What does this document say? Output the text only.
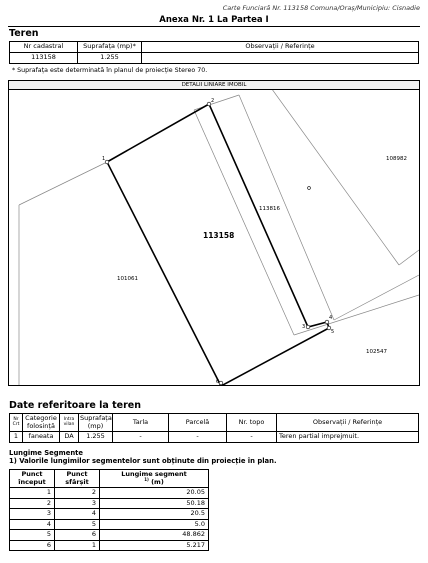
Carte Funciară Nr. 113158 Comuna/Oraș/Municipiu: Cisnadie
Anexa Nr. 1 La Partea I
Teren
Nr cadastral	Suprafața (mp)*	Observații / Referințe
113158	1.255	
* Suprafața este determinată în planul de proiecție Stereo 70.
DETALII LINIARE IMOBIL
1
2
3
4
5
6
113158
108982
113816
101061
102547
Date referitoare la teren
Nr Crt	Categorie folosință	Intra vilan	Suprafața (mp)	Tarla	Parcelă	Nr. topo	Observații / Referințe
1	faneata	DA	1.255	-	-	-	Teren partial imprejmuit.
Lungime Segmente
1) Valorile lungimilor segmentelor sunt obținute din proiecție în plan.
Punct început	Punct sfârșit	Lungime segment
$^{1)}$ (m)
1	2	20.05
2	3	50.18
3	4	20.5
4	5	5.0
5	6	48.862
6	1	5.217
